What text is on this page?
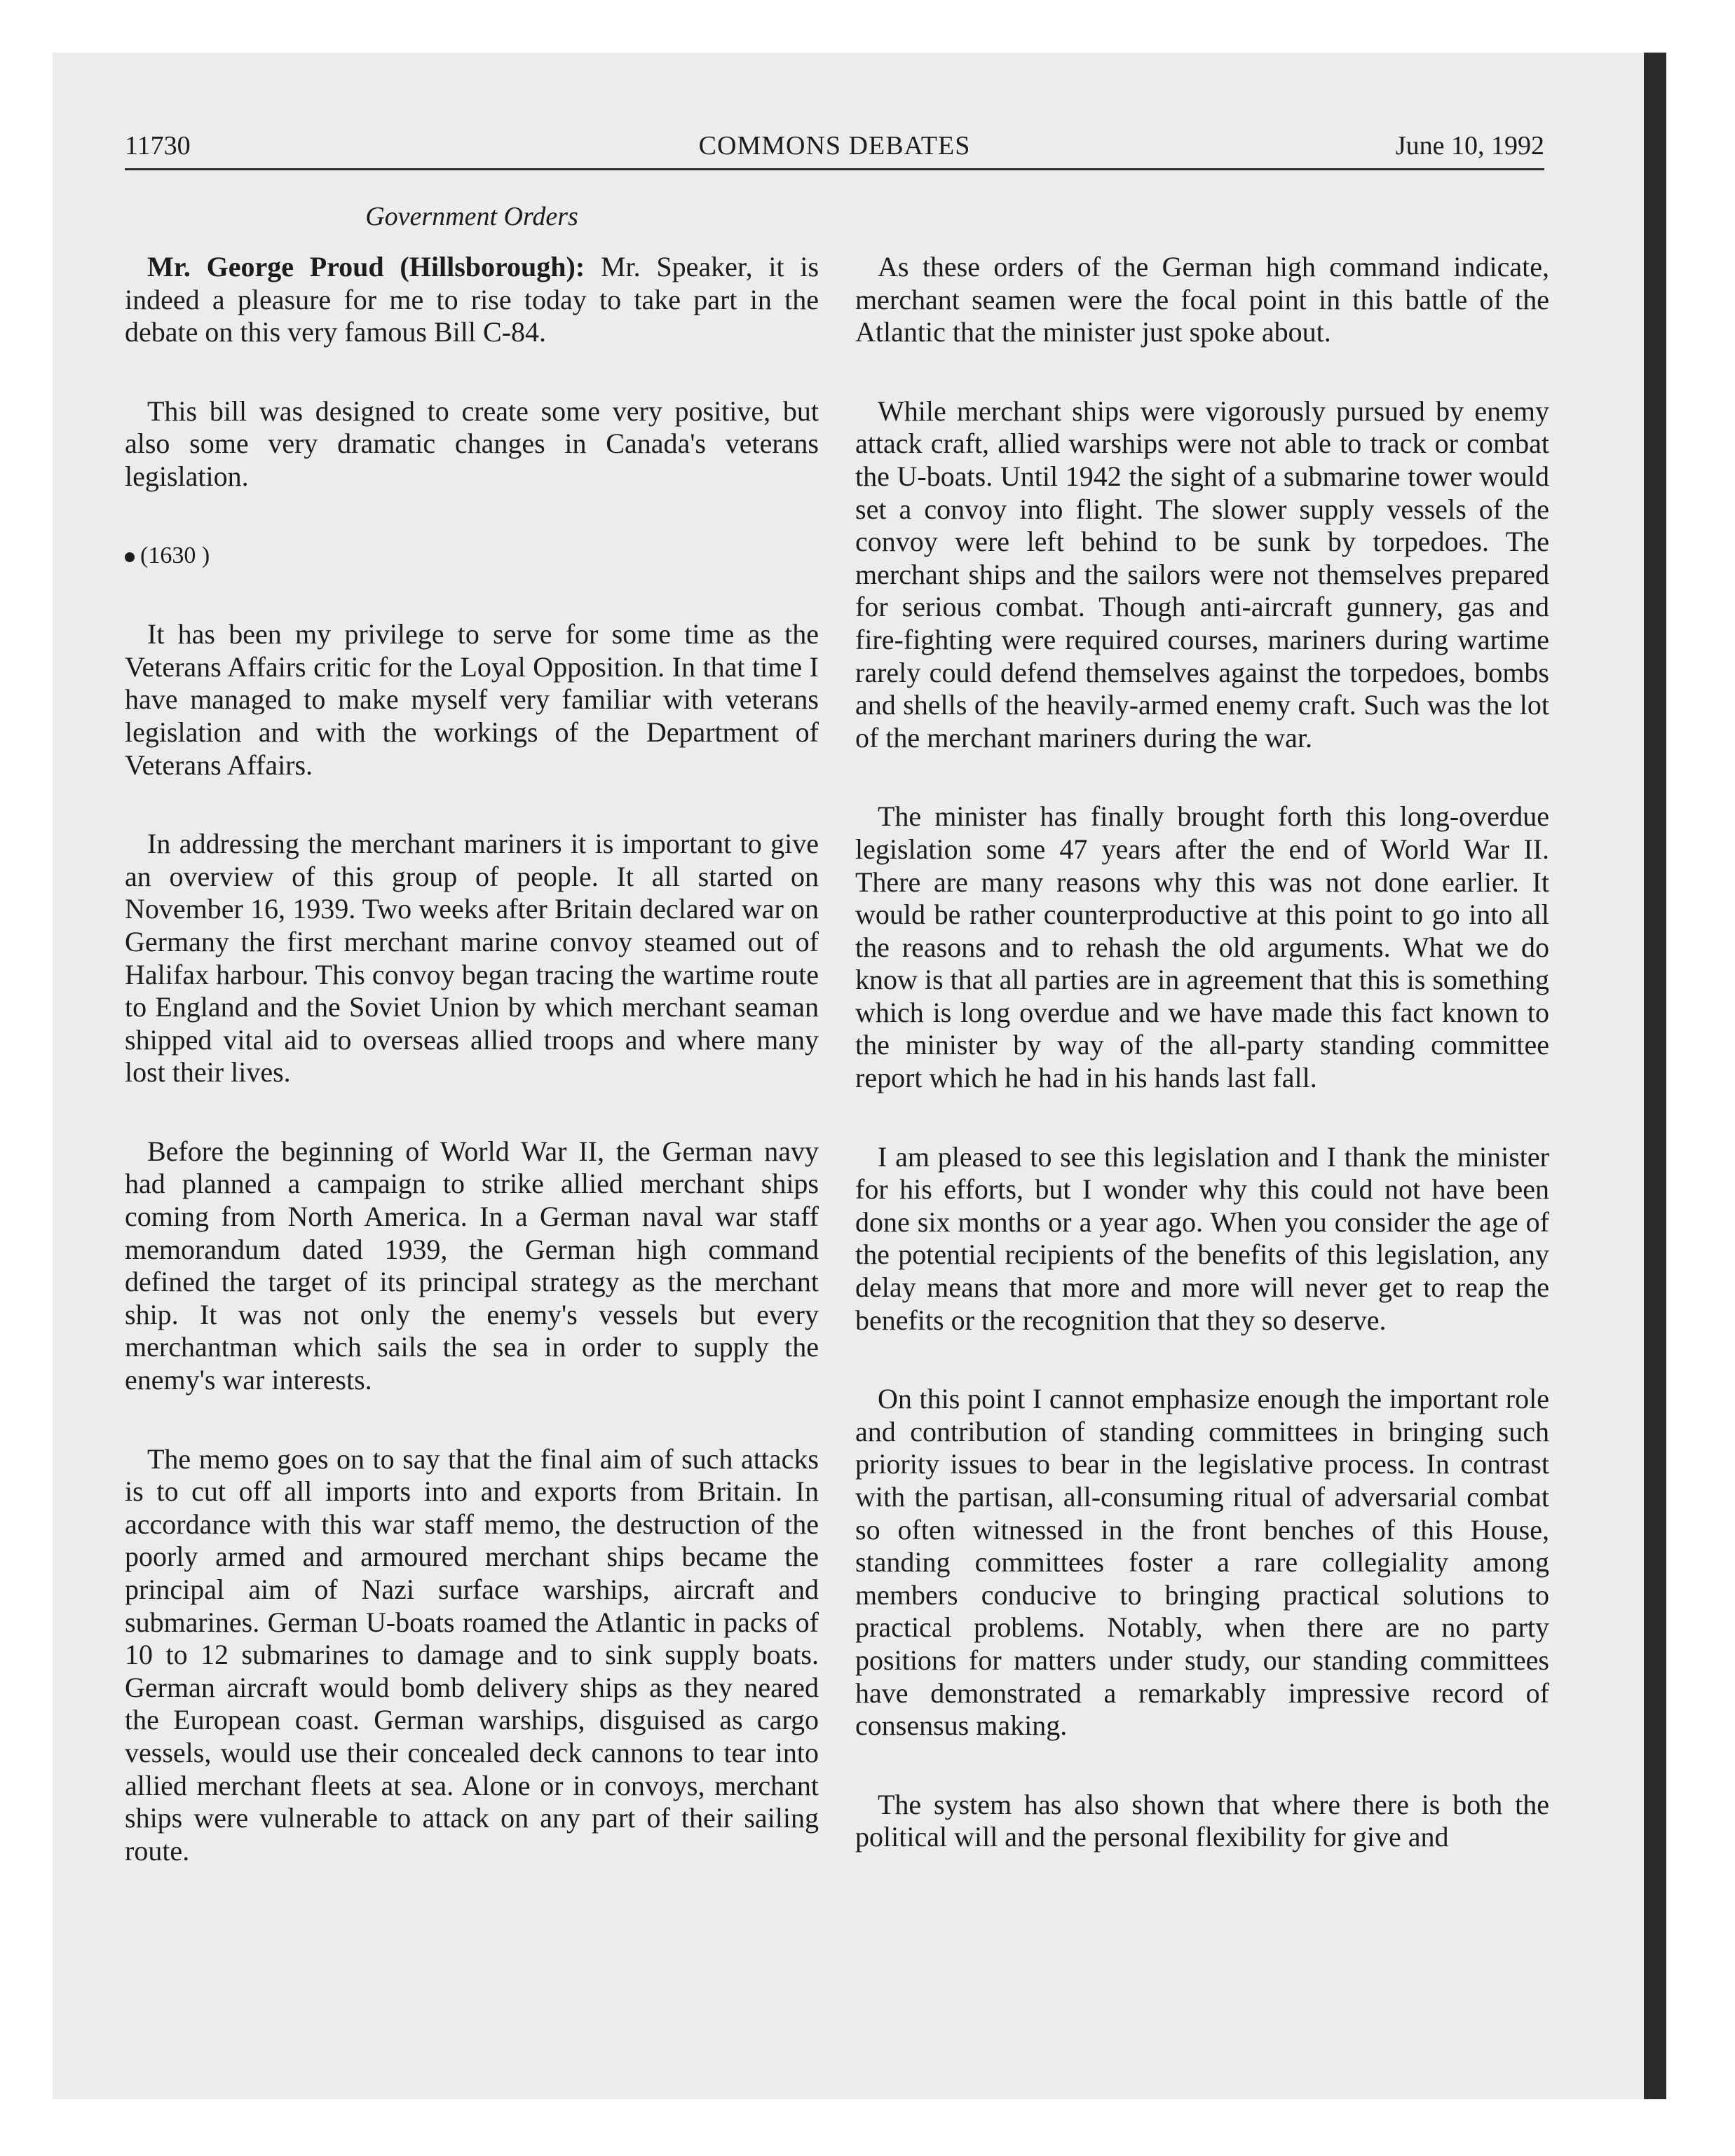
11730	COMMONS DEBATES	June 10, 1992
Government Orders

Mr. George Proud (Hillsborough): Mr. Speaker, it is indeed a pleasure for me to rise today to take part in the debate on this very famous Bill C-84.

This bill was designed to create some very positive, but also some very dramatic changes in Canada's veterans legislation.

(1630 )

It has been my privilege to serve for some time as the Veterans Affairs critic for the Loyal Opposition. In that time I have managed to make myself very familiar with veterans legislation and with the workings of the Department of Veterans Affairs.

In addressing the merchant mariners it is important to give an overview of this group of people. It all started on November 16, 1939. Two weeks after Britain declared war on Germany the first merchant marine convoy steamed out of Halifax harbour. This convoy began tracing the wartime route to England and the Soviet Union by which merchant seaman shipped vital aid to overseas allied troops and where many lost their lives.

Before the beginning of World War II, the German navy had planned a campaign to strike allied merchant ships coming from North America. In a German naval war staff memorandum dated 1939, the German high command defined the target of its principal strategy as the merchant ship. It was not only the enemy's vessels but every merchantman which sails the sea in order to supply the enemy's war interests.

The memo goes on to say that the final aim of such attacks is to cut off all imports into and exports from Britain. In accordance with this war staff memo, the destruction of the poorly armed and armoured merchant ships became the principal aim of Nazi surface warships, aircraft and submarines. German U-boats roamed the Atlantic in packs of 10 to 12 submarines to damage and to sink supply boats. German aircraft would bomb delivery ships as they neared the European coast. German warships, disguised as cargo vessels, would use their concealed deck cannons to tear into allied merchant fleets at sea. Alone or in convoys, merchant ships were vulnerable to attack on any part of their sailing route.

As these orders of the German high command indicate, merchant seamen were the focal point in this battle of the Atlantic that the minister just spoke about.

While merchant ships were vigorously pursued by enemy attack craft, allied warships were not able to track or combat the U-boats. Until 1942 the sight of a submarine tower would set a convoy into flight. The slower supply vessels of the convoy were left behind to be sunk by torpedoes. The merchant ships and the sailors were not themselves prepared for serious combat. Though anti-aircraft gunnery, gas and fire-fighting were required courses, mariners during wartime rarely could defend themselves against the torpedoes, bombs and shells of the heavily-armed enemy craft. Such was the lot of the merchant mariners during the war.

The minister has finally brought forth this long-overdue legislation some 47 years after the end of World War II. There are many reasons why this was not done earlier. It would be rather counterproductive at this point to go into all the reasons and to rehash the old arguments. What we do know is that all parties are in agreement that this is something which is long overdue and we have made this fact known to the minister by way of the all-party standing committee report which he had in his hands last fall.

I am pleased to see this legislation and I thank the minister for his efforts, but I wonder why this could not have been done six months or a year ago. When you consider the age of the potential recipients of the benefits of this legislation, any delay means that more and more will never get to reap the benefits or the recognition that they so deserve.

On this point I cannot emphasize enough the important role and contribution of standing committees in bringing such priority issues to bear in the legislative process. In contrast with the partisan, all-consuming ritual of adversarial combat so often witnessed in the front benches of this House, standing committees foster a rare collegiality among members conducive to bringing practical solutions to practical problems. Notably, when there are no party positions for matters under study, our standing committees have demonstrated a remarkably impressive record of consensus making.

The system has also shown that where there is both the political will and the personal flexibility for give and
